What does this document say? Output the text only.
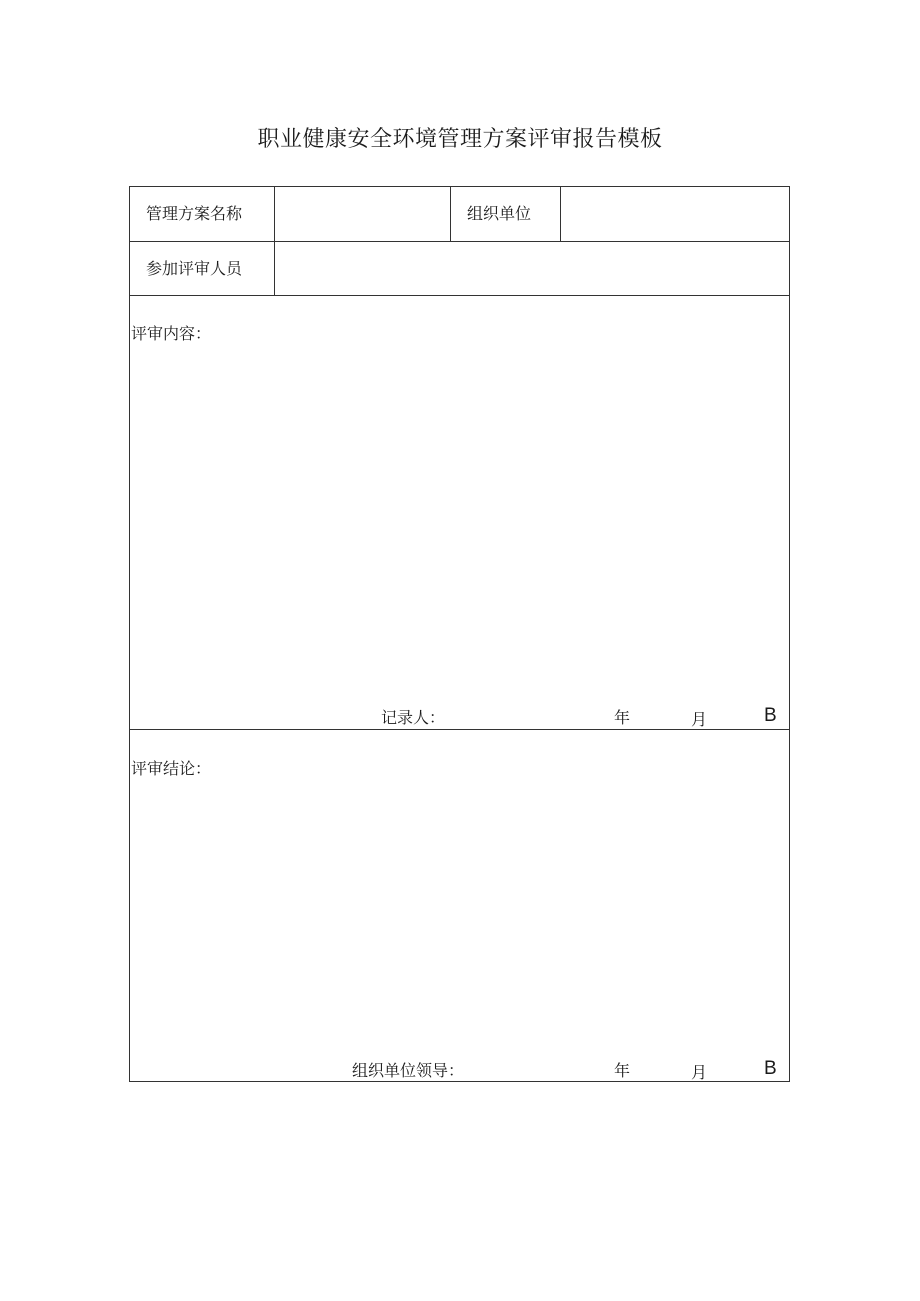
职业健康安全环境管理方案评审报告模板
管理方案名称	组织单位
参加评审人员
评审内容：
记录人：	年	月	B
评审结论：
组织单位领导：	年	月	B
